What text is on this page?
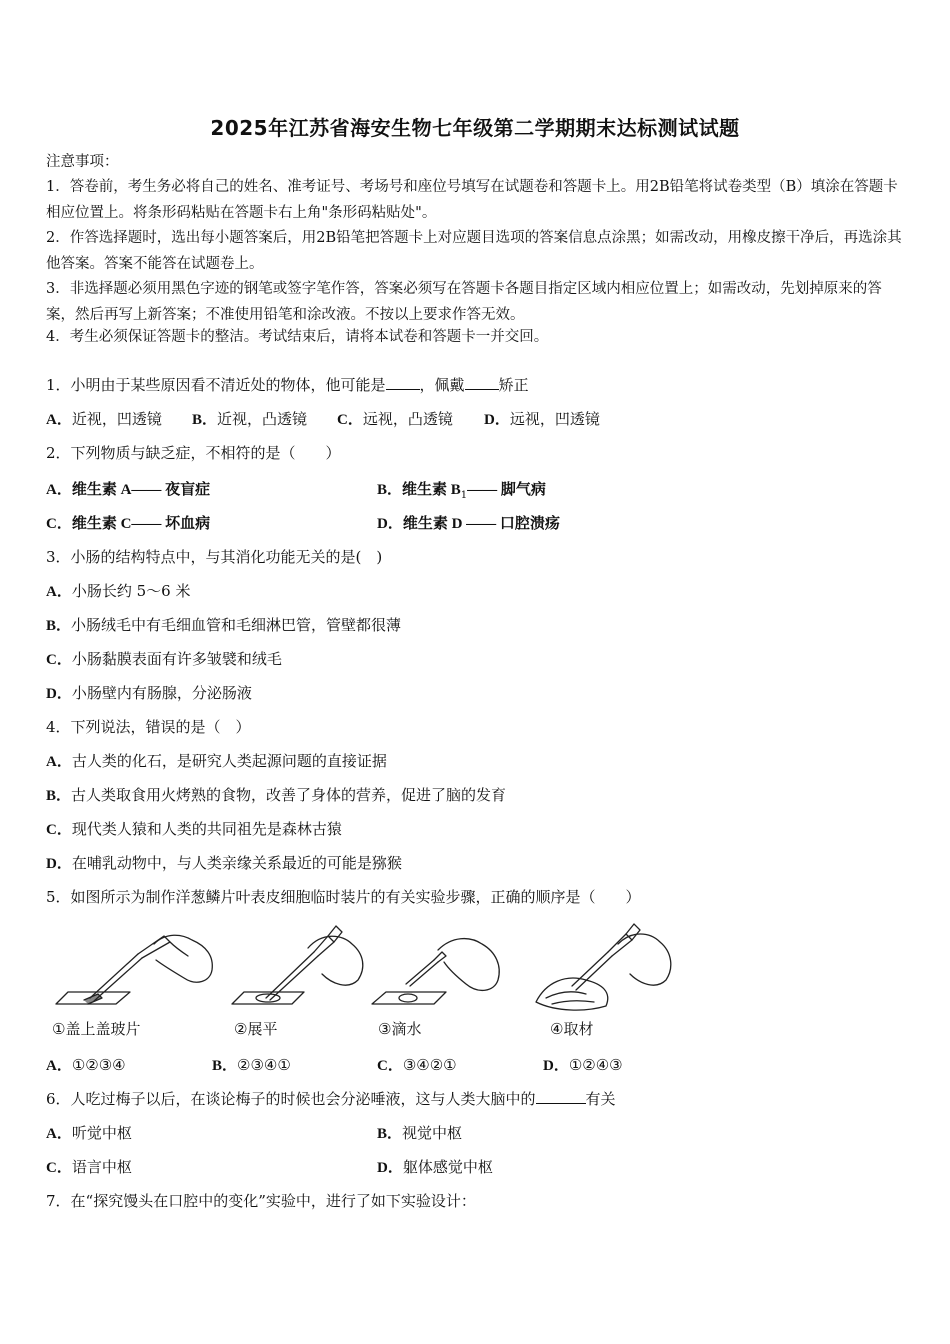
2025年江苏省海安生物七年级第二学期期末达标测试试题
注意事项：
1．答卷前，考生务必将自己的姓名、准考证号、考场号和座位号填写在试题卷和答题卡上。用2B铅笔将试卷类型（B）填涂在答题卡相应位置上。将条形码粘贴在答题卡右上角"条形码粘贴处"。
2．作答选择题时，选出每小题答案后，用2B铅笔把答题卡上对应题目选项的答案信息点涂黑；如需改动，用橡皮擦干净后，再选涂其他答案。答案不能答在试题卷上。
3．非选择题必须用黑色字迹的钢笔或签字笔作答，答案必须写在答题卡各题目指定区域内相应位置上；如需改动，先划掉原来的答案，然后再写上新答案；不准使用铅笔和涂改液。不按以上要求作答无效。
4．考生必须保证答题卡的整洁。考试结束后，请将本试卷和答题卡一并交回。
1．小明由于某些原因看不清近处的物体，他可能是 ，佩戴 矫正
A．近视，凹透镜 B．近视，凸透镜 C．远视，凸透镜 D．远视，凹透镜
2．下列物质与缺乏症，不相符的是（　　）
A．维生素 A—— 夜盲症	B．维生素 $B_1——$ 脚气病
C．维生素 C—— 坏血病	D．维生素 D —— 口腔溃疡
3．小肠的结构特点中，与其消化功能无关的是(　)
A．小肠长约 5～6 米
B．小肠绒毛中有毛细血管和毛细淋巴管，管壁都很薄
C．小肠黏膜表面有许多皱襞和绒毛
D．小肠壁内有肠腺，分泌肠液
4．下列说法，错误的是（　）
A．古人类的化石，是研究人类起源问题的直接证据
B．古人类取食用火烤熟的食物，改善了身体的营养，促进了脑的发育
C．现代类人猿和人类的共同祖先是森林古猿
D．在哺乳动物中，与人类亲缘关系最近的可能是猕猴
5．如图所示为制作洋葱鳞片叶表皮细胞临时装片的有关实验步骤，正确的顺序是（　　）
①盖上盖玻片	②展平	③滴水	④取材
A．①②③④	B．②③④①	C．③④②①	D．①②④③
6．人吃过梅子以后，在谈论梅子的时候也会分泌唾液，这与人类大脑中的	有关
A．听觉中枢	B．视觉中枢
C．语言中枢	D．躯体感觉中枢
7．在“探究馒头在口腔中的变化”实验中，进行了如下实验设计：
